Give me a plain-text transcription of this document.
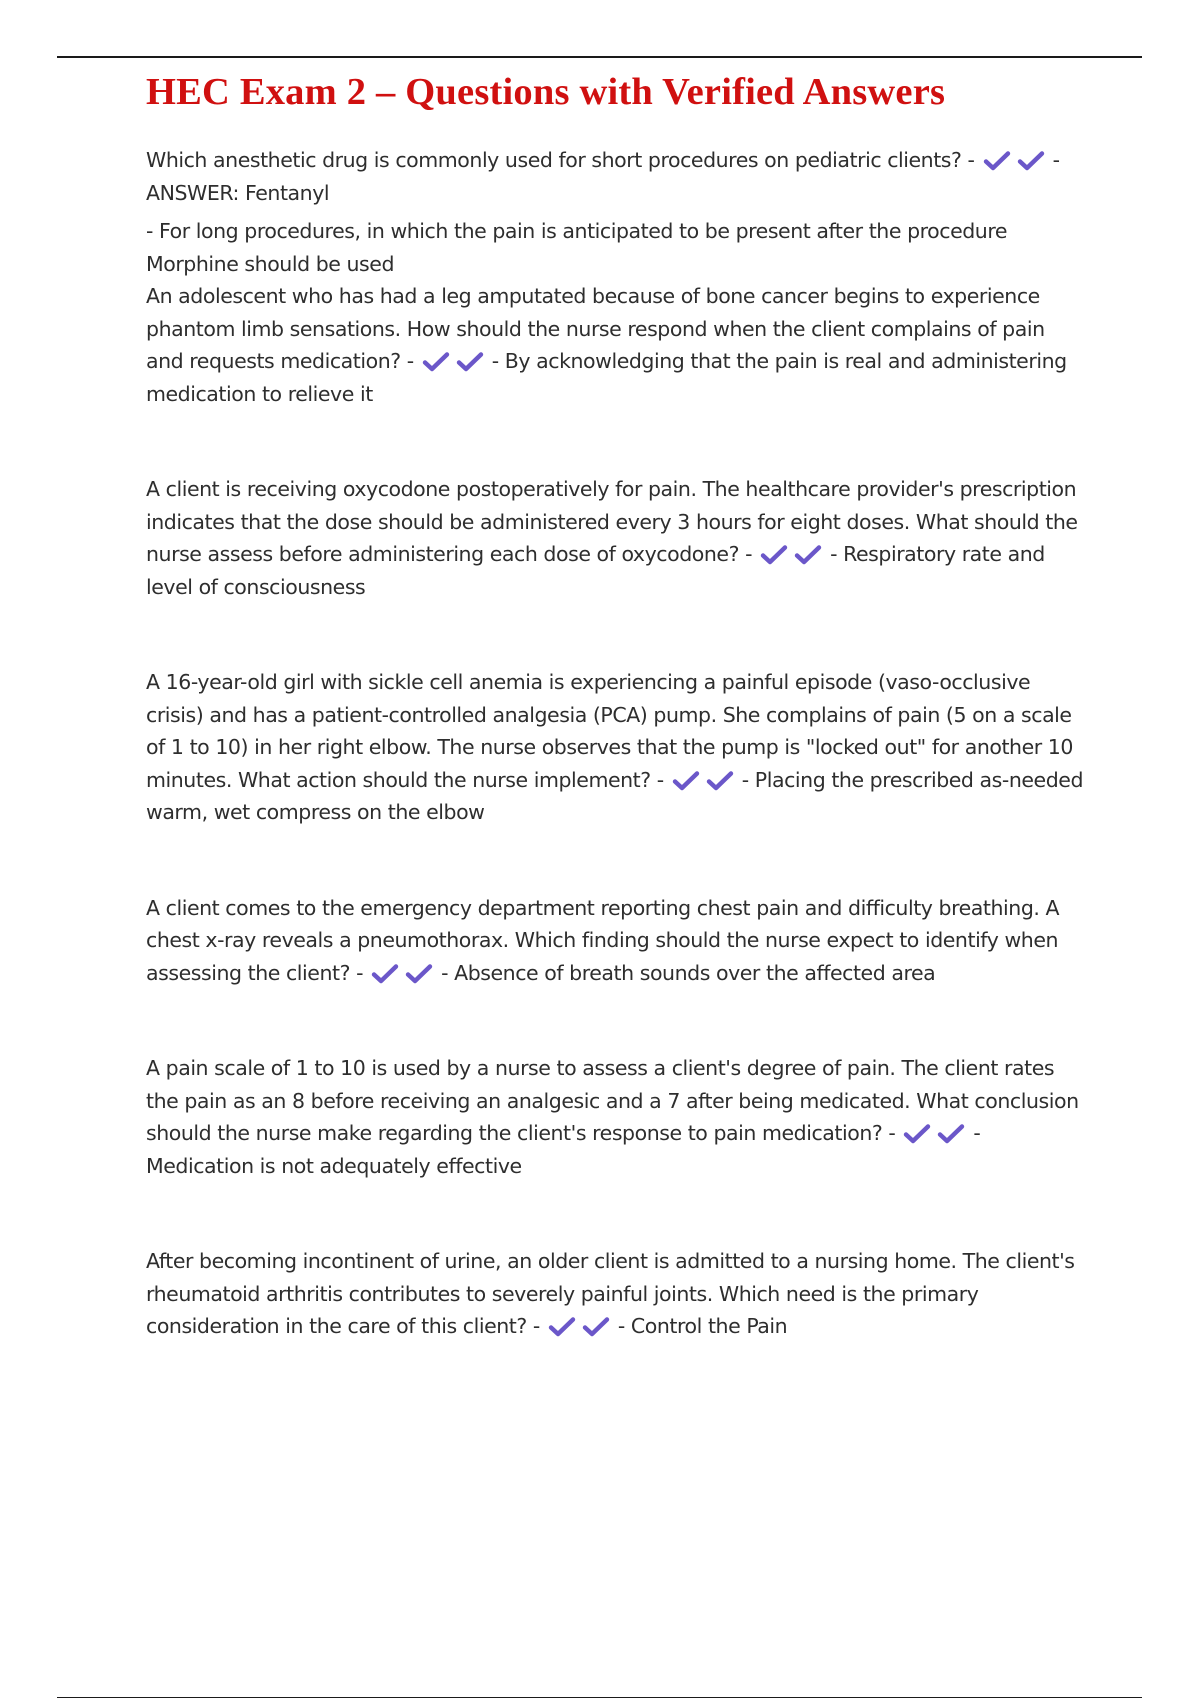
HEC Exam 2 – Questions with Verified Answers

Which anesthetic drug is commonly used for short procedures on pediatric clients? -	- ANSWER: Fentanyl

- For long procedures, in which the pain is anticipated to be present after the procedure Morphine should be used

An adolescent who has had a leg amputated because of bone cancer begins to experience phantom limb sensations. How should the nurse respond when the client complains of pain and requests medication? -	- By acknowledging that the pain is real and administering medication to relieve it

A client is receiving oxycodone postoperatively for pain. The healthcare provider's prescription indicates that the dose should be administered every 3 hours for eight doses. What should the nurse assess before administering each dose of oxycodone? -	- Respiratory rate and level of consciousness

A 16-year-old girl with sickle cell anemia is experiencing a painful episode (vaso-occlusive crisis) and has a patient-controlled analgesia (PCA) pump. She complains of pain (5 on a scale of 1 to 10) in her right elbow. The nurse observes that the pump is "locked out" for another 10 minutes. What action should the nurse implement? -	- Placing the prescribed as-needed warm, wet compress on the elbow

A client comes to the emergency department reporting chest pain and difficulty breathing. A chest x-ray reveals a pneumothorax. Which finding should the nurse expect to identify when assessing the client? -	- Absence of breath sounds over the affected area

A pain scale of 1 to 10 is used by a nurse to assess a client's degree of pain. The client rates the pain as an 8 before receiving an analgesic and a 7 after being medicated. What conclusion should the nurse make regarding the client's response to pain medication? -	- Medication is not adequately effective

After becoming incontinent of urine, an older client is admitted to a nursing home. The client's rheumatoid arthritis contributes to severely painful joints. Which need is the primary consideration in the care of this client? -	- Control the Pain
